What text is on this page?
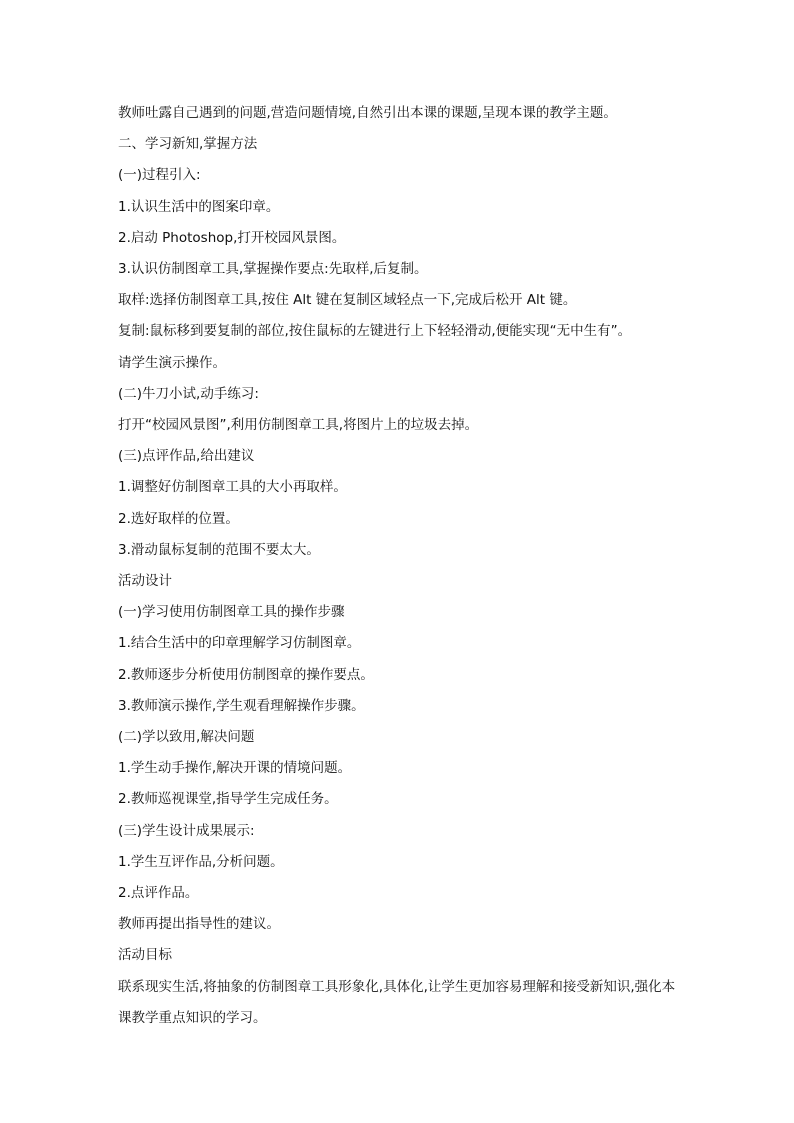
教师吐露自己遇到的问题,营造问题情境,自然引出本课的课题,呈现本课的教学主题。

二、学习新知,掌握方法

(一)过程引入:

1.认识生活中的图案印章。

2.启动 Photoshop,打开校园风景图。

3.认识仿制图章工具,掌握操作要点:先取样,后复制。

取样:选择仿制图章工具,按住 Alt 键在复制区域轻点一下,完成后松开 Alt 键。

复制:鼠标移到要复制的部位,按住鼠标的左键进行上下轻轻滑动,便能实现“无中生有”。

请学生演示操作。

(二)牛刀小试,动手练习:

打开“校园风景图”,利用仿制图章工具,将图片上的垃圾去掉。

(三)点评作品,给出建议

1.调整好仿制图章工具的大小再取样。

2.选好取样的位置。

3.滑动鼠标复制的范围不要太大。

活动设计

(一)学习使用仿制图章工具的操作步骤

1.结合生活中的印章理解学习仿制图章。

2.教师逐步分析使用仿制图章的操作要点。

3.教师演示操作,学生观看理解操作步骤。

(二)学以致用,解决问题

1.学生动手操作,解决开课的情境问题。

2.教师巡视课堂,指导学生完成任务。

(三)学生设计成果展示:

1.学生互评作品,分析问题。

2.点评作品。

教师再提出指导性的建议。

活动目标

联系现实生活,将抽象的仿制图章工具形象化,具体化,让学生更加容易理解和接受新知识,强化本课教学重点知识的学习。
